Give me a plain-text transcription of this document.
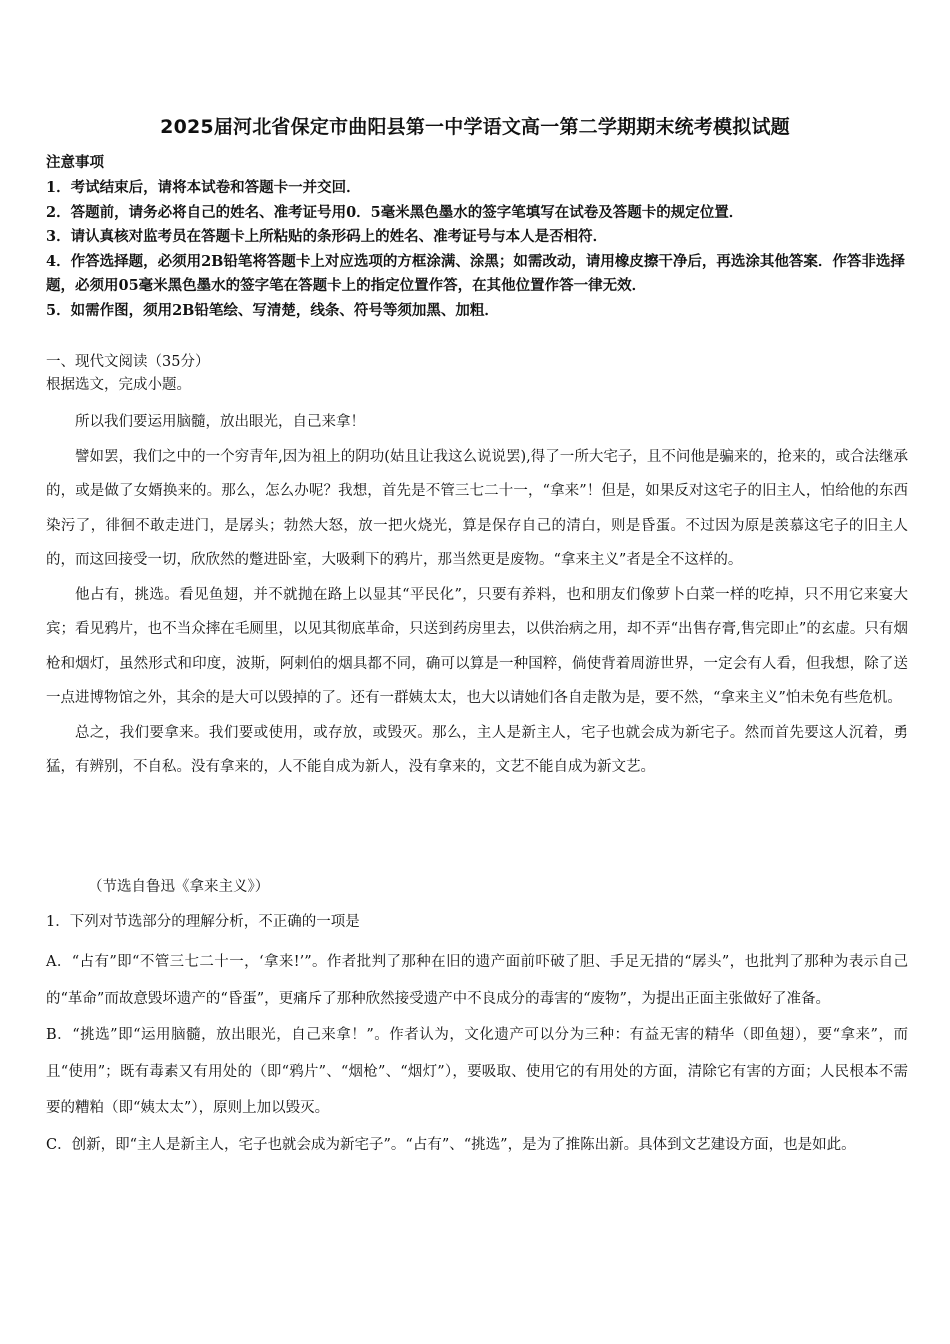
2025届河北省保定市曲阳县第一中学语文高一第二学期期末统考模拟试题
注意事项

1．考试结束后，请将本试卷和答题卡一并交回．

2．答题前，请务必将自己的姓名、准考证号用0．5毫米黑色墨水的签字笔填写在试卷及答题卡的规定位置．

3．请认真核对监考员在答题卡上所粘贴的条形码上的姓名、准考证号与本人是否相符．

4．作答选择题，必须用2B铅笔将答题卡上对应选项的方框涂满、涂黑；如需改动，请用橡皮擦干净后，再选涂其他答案．作答非选择题，必须用05毫米黑色墨水的签字笔在答题卡上的指定位置作答，在其他位置作答一律无效．

5．如需作图，须用2B铅笔绘、写清楚，线条、符号等须加黑、加粗．

一、现代文阅读（35分）
根据选文，完成小题。

所以我们要运用脑髓，放出眼光，自己来拿！

譬如罢，我们之中的一个穷青年,因为祖上的阴功(姑且让我这么说说罢),得了一所大宅子，且不问他是骗来的，抢来的，或合法继承的，或是做了女婿换来的。那么，怎么办呢？我想，首先是不管三七二十一，“拿来”！但是，如果反对这宅子的旧主人，怕给他的东西染污了，徘徊不敢走进门，是孱头；勃然大怒，放一把火烧光，算是保存自己的清白，则是昏蛋。不过因为原是羡慕这宅子的旧主人的，而这回接受一切，欣欣然的蹩进卧室，大吸剩下的鸦片，那当然更是废物。“拿来主义”者是全不这样的。

他占有，挑选。看见鱼翅，并不就抛在路上以显其“平民化”，只要有养料，也和朋友们像萝卜白菜一样的吃掉，只不用它来宴大宾；看见鸦片，也不当众摔在毛厕里，以见其彻底革命，只送到药房里去，以供治病之用，却不弄“出售存膏,售完即止”的玄虚。只有烟枪和烟灯，虽然形式和印度，波斯，阿剌伯的烟具都不同，确可以算是一种国粹，倘使背着周游世界，一定会有人看，但我想，除了送一点进博物馆之外，其余的是大可以毁掉的了。还有一群姨太太，也大以请她们各自走散为是，要不然，“拿来主义”怕未免有些危机。

总之，我们要拿来。我们要或使用，或存放，或毁灭。那么，主人是新主人，宅子也就会成为新宅子。然而首先要这人沉着，勇猛，有辨别，不自私。没有拿来的，人不能自成为新人，没有拿来的，文艺不能自成为新文艺。

（节选自鲁迅《拿来主义》）
1．下列对节选部分的理解分析，不正确的一项是

A．“占有”即“不管三七二十一，‘拿来!’”。作者批判了那种在旧的遗产面前吓破了胆、手足无措的“孱头”，也批判了那种为表示自己的“革命”而故意毁坏遗产的“昏蛋”，更痛斥了那种欣然接受遗产中不良成分的毒害的“废物”，为提出正面主张做好了准备。

B．“挑选”即“运用脑髓，放出眼光，自己来拿！”。作者认为，文化遗产可以分为三种：有益无害的精华（即鱼翅），要“拿来”，而且“使用”；既有毒素又有用处的（即“鸦片”、“烟枪”、“烟灯”），要吸取、使用它的有用处的方面，清除它有害的方面；人民根本不需要的糟粕（即“姨太太”），原则上加以毁灭。

C．创新，即“主人是新主人，宅子也就会成为新宅子”。“占有”、“挑选”，是为了推陈出新。具体到文艺建设方面，也是如此。
